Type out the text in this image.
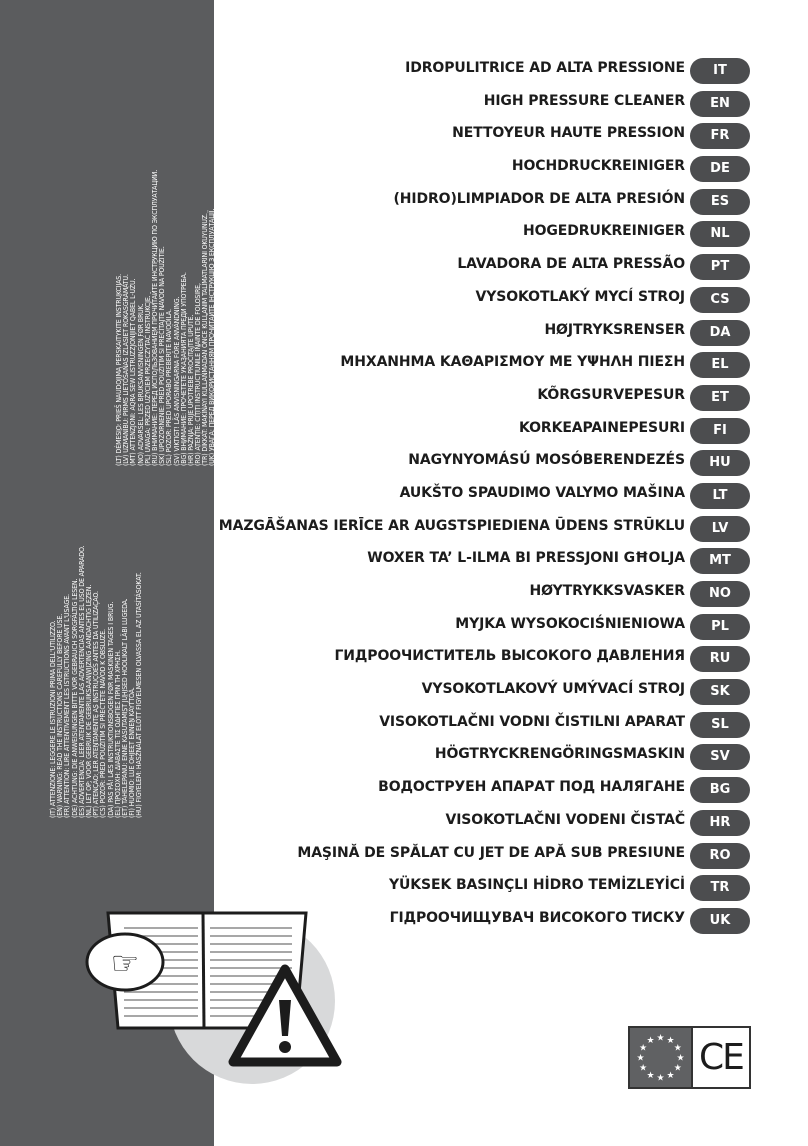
(IT) ATTENZIONE: LEGGERE LE ISTRUZIONI PRIMA DELL'UTILIZZO. (EN) WARNING: READ THE INSTRUCTIONS CAREFULLY BEFORE USE. (FR) ATTENTION: LIRE ATTENTIVEMENT LES ISTRUCTIONS AVANT L'USAGE. (DE) ACHTUNG: DIE ANWEISUNGEN BITTE VOR GEBRAUCH SORGFÄLTIG LESEN. (ES) ADVERTENCIA: LEER ATENTAMENTE LAS ADVERTENCIAS ANTES EL USO DE APARADO. (NL) LET OP: VOOR GEBRUIK DE GEBRUIKSAANWIJZING AANDACHTIG LEZEN. (PT) ATENÇÃO: LER ATENTAMENTE AS INSTRUÇÕES ANTES DA UTILIZAÇÃO. (CS) POZOR: PŘED POUŽITÍM SI PŘEČTĚTE NÁVOD K OBSLUZE. (DA) PAS PÅ! LÆS INSTRUKTIONSBOGEN FØR MASKINEN TAGES I BRUG. (EL) ΠΡΟΣΟΧΗ: ΔΙΑΒΑΣΤΕ ΤΙΣ ΟΔΗΓΙΕΣ ΠΡΙΝ ΤΗ ΧΡΗΣΗ. (ET) TÄHELEPANU: ENNE KASUTAMIST JUHISED HOOLIKALT LÄBI LUGEDA. (FI) HUOMIO: LUE OHJEET ENNEN KÄYTTÖÄ. (HU) FIGYELEM: HASZNÁLAT ELŐTT FIGYELMESEN OLVASSA EL AZ UTASÍTÁSOKAT.
(LT) DĖMESIO: PRIEŠ NAUDOJIMĄ PERSKAITYKITE INSTRUKCIJAS. (LV) UZMANĪBU: PIRMS LIETOŠANAS IZLASIET ROKASGRĀMATU. (MT) ATTENZJONI: AQRA SEW LISTRUZZJONIJIET QABEL L-UŻU. (NO) ADVARSEL: LES BRUKSANVISNINGEN FØR BRUK. (PL) UWAGA: PRZED UŻYCIEM PRZECZYTAĆ INSTRUKCJE. (RU) ВНИМАНИЕ: ПЕРЕД ИСПОЛЬЗОВАНИЕМ ПРОЧИТАЙТЕ ИНСТРУКЦИЮ ПО ЭКСПЛУАТАЦИИ. (SK) UPOZORNENIE: PRED POUŽITÍM SI PREČÍTAJTE NÁVOD NA POUŽITIE. (SL) POZOR: PRED UPORABO PREBERITE NAVODILA. (SV) VIKTIGT! LÄS ANVISNINGARNA FÖRE ANVÄNDNING. (BG) ВНИМАНИЕ: ПРОЧЕТЕТЕ УКАЗАНИЯТА ПРЕДИ УПОТРЕБА. (HR) PAŽNJA: PRIJE UPOTREBE PROČITAJTE UPUTE. (RO) ATENȚIE: CITIȚI INSTRUCȚIUNILE ÎNAINTE DE FOLOSIRE. (TR) DİKKAT: MAKİNAYI KULLANMADAN ÖNCE KULLANIM TALİMATLARINI OKUYUNUZ. (UK) УВАГА: ПЕРЕД ВИКОРИСТАННЯМ ПРОЧИТАЙТЕ ІНСТРУКЦІЮ З ЕКСПЛУАТАЦІЇ.
☞
IDROPULITRICE AD ALTA PRESSIONE	IT
HIGH PRESSURE CLEANER	EN
NETTOYEUR HAUTE PRESSION	FR
HOCHDRUCKREINIGER	DE
(HIDRO)LIMPIADOR DE ALTA PRESIÓN	ES
HOGEDRUKREINIGER	NL
LAVADORA DE ALTA PRESSÃO	PT
VYSOKOTLAKÝ MYCÍ STROJ	CS
HØJTRYKSRENSER	DA
ΜΗΧΑΝΗΜΑ ΚΑΘΑΡΙΣΜΟΥ ΜΕ ΥΨΗΛΗ ΠΙΕΣΗ	EL
KÕRGSURVEPESUR	ET
KORKEAPAINEPESURI	FI
NAGYNYOMÁSÚ MOSÓBERENDEZÉS	HU
AUKŠTO SPAUDIMO VALYMO MAŠINA	LT
MAZGĀŠANAS IERĪCE AR AUGSTSPIEDIENA ŪDENS STRŪKLU	LV
WOXER TA’ L-ILMA BI PRESSJONI GĦOLJA	MT
HØYTRYKKSVASKER	NO
MYJKA WYSOKOCIŚNIENIOWA	PL
ГИДРООЧИСТИТЕЛЬ ВЫСОКОГО ДАВЛЕНИЯ	RU
VYSOKOTLAKOVÝ UMÝVACÍ STROJ	SK
VISOKOTLAČNI VODNI ČISTILNI APARAT	SL
HÖGTRYCKRENGÖRINGSMASKIN	SV
ВОДОСТРУЕН АПАРАТ ПОД НАЛЯГАНЕ	BG
VISOKOTLAČNI VODENI ČISTAČ	HR
MAŞINĂ DE SPĂLAT CU JET DE APĂ SUB PRESIUNE	RO
YÜKSEK BASINÇLI HİDRO TEMİZLEYİCİ	TR
ГІДРООЧИЩУВАЧ ВИСОКОГО ТИСКУ	UK
★ ★
★
★
★
★
★
★
★
★
★
★ CE
